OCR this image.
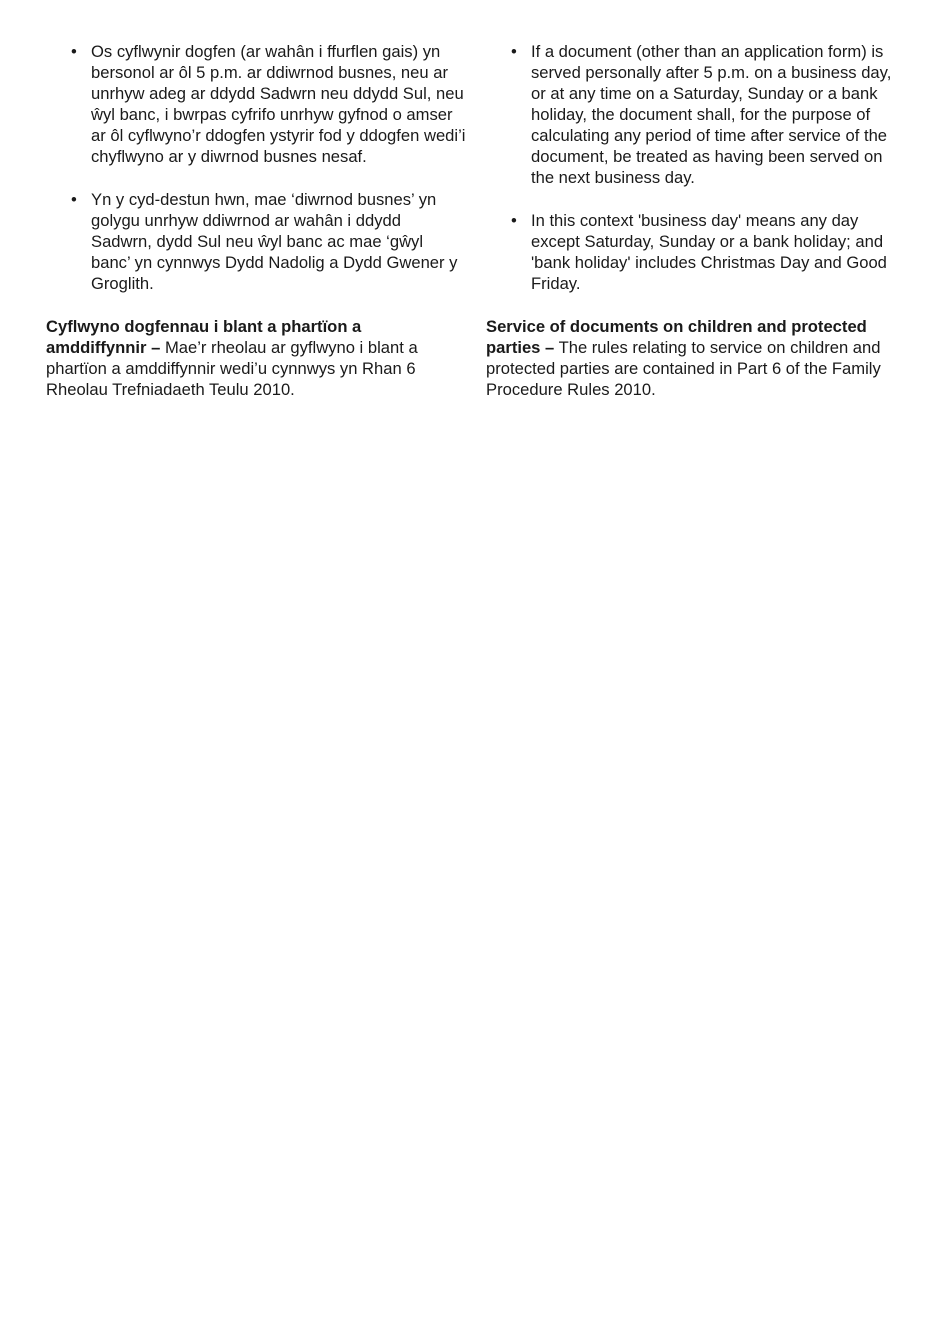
• Os cyflwynir dogfen (ar wahân i ffurflen gais) yn bersonol ar ôl 5 p.m. ar ddiwrnod busnes, neu ar unrhyw adeg ar ddydd Sadwrn neu ddydd Sul, neu ŵyl banc, i bwrpas cyfrifo unrhyw gyfnod o amser ar ôl cyflwyno’r ddogfen ystyrir fod y ddogfen wedi’i chyflwyno ar y diwrnod busnes nesaf.
• Yn y cyd-destun hwn, mae ‘diwrnod busnes’ yn golygu unrhyw ddiwrnod ar wahân i ddydd Sadwrn, dydd Sul neu ŵyl banc ac mae ‘gŵyl banc’ yn cynnwys Dydd Nadolig a Dydd Gwener y Groglith.

Cyflwyno dogfennau i blant a phartïon a amddiffynnir – Mae’r rheolau ar gyflwyno i blant a phartïon a amddiffynnir wedi’u cynnwys yn Rhan 6 Rheolau Trefniadaeth Teulu 2010.

• If a document (other than an application form) is served personally after 5 p.m. on a business day, or at any time on a Saturday, Sunday or a bank holiday, the document shall, for the purpose of calculating any period of time after service of the document, be treated as having been served on the next business day.
• In this context 'business day' means any day except Saturday, Sunday or a bank holiday; and 'bank holiday' includes Christmas Day and Good Friday.

Service of documents on children and protected parties – The rules relating to service on children and protected parties are contained in Part 6 of the Family Procedure Rules 2010.
